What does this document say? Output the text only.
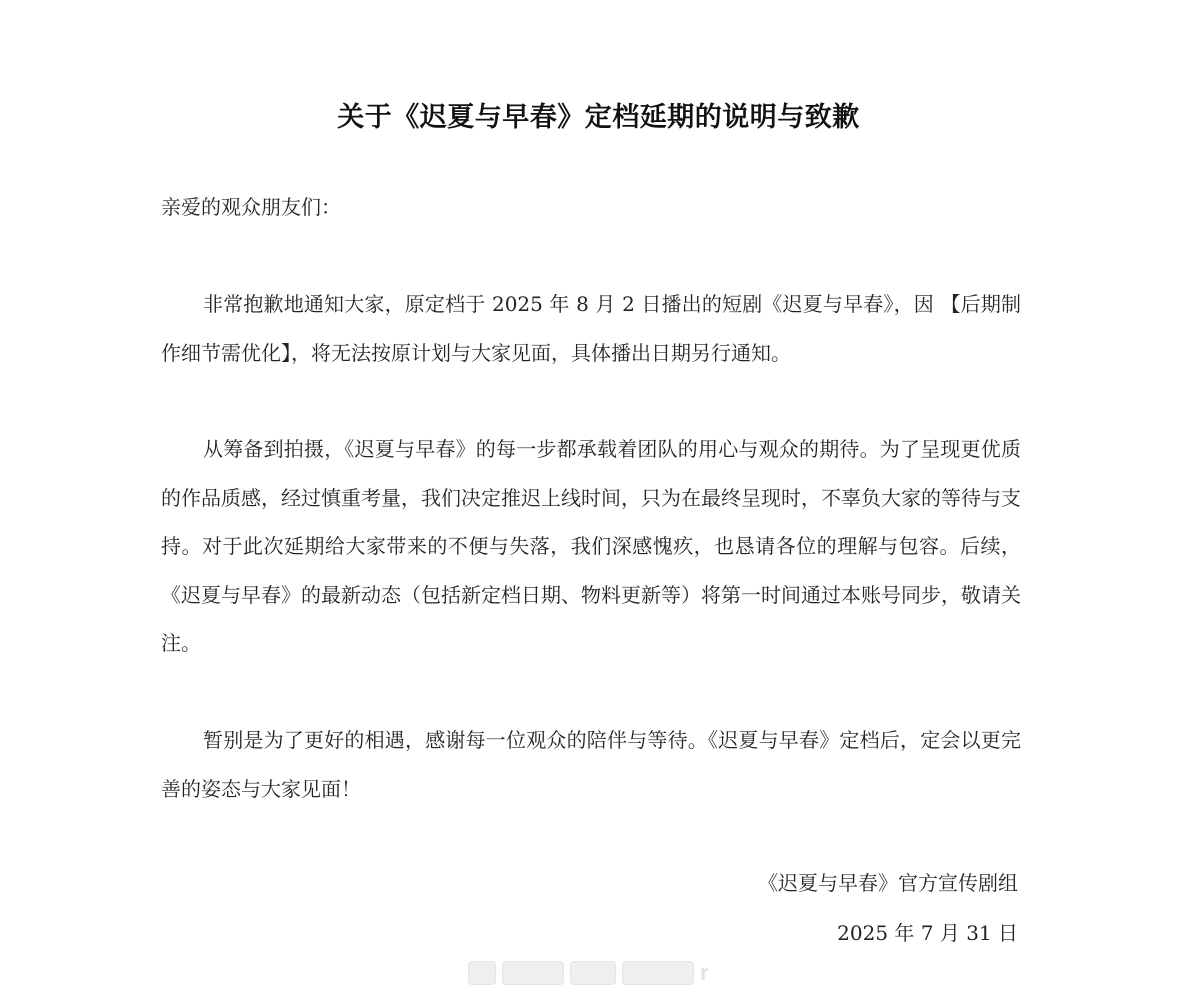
关于《迟夏与早春》定档延期的说明与致歉
亲爱的观众朋友们：

非常抱歉地通知大家，原定档于 2025 年 8 月 2 日播出的短剧《迟夏与早春》，因 【后期制作细节需优化】，将无法按原计划与大家见面，具体播出日期另行通知。

从筹备到拍摄，《迟夏与早春》的每一步都承载着团队的用心与观众的期待。为了呈现更优质的作品质感，经过慎重考量，我们决定推迟上线时间，只为在最终呈现时，不辜负大家的等待与支持。对于此次延期给大家带来的不便与失落，我们深感愧疚，也恳请各位的理解与包容。后续，《迟夏与早春》的最新动态（包括新定档日期、物料更新等）将第一时间通过本账号同步，敬请关注。

暂别是为了更好的相遇，感谢每一位观众的陪伴与等待。《迟夏与早春》定档后，定会以更完善的姿态与大家见面！

《迟夏与早春》官方宣传剧组
2025 年 7 月 31 日
r
